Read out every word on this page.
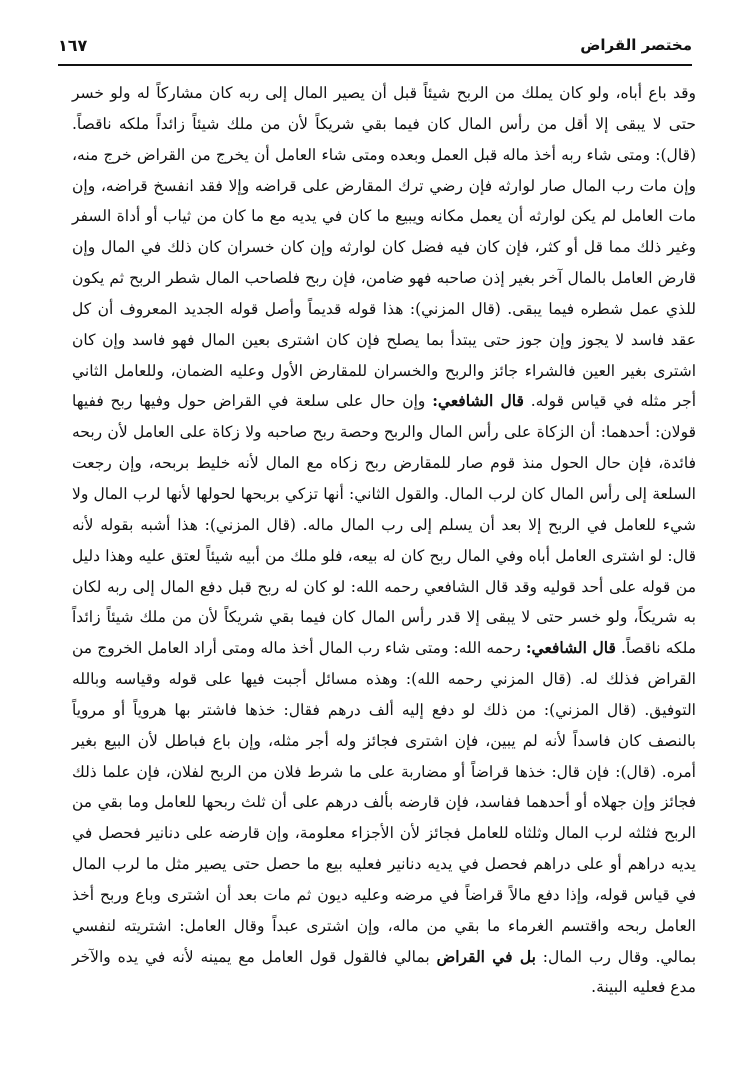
مختصر القراض
١٦٧

وقد باع أباه، ولو كان يملك من الربح شيئاً قبل أن يصير المال إلى ربه كان مشاركاً له ولو خسر حتى لا يبقى إلا أقل من رأس المال كان فيما بقي شريكاً لأن من ملك شيئاً زائداً ملكه ناقصاً. (قال): ومتى شاء ربه أخذ ماله قبل العمل وبعده ومتى شاء العامل أن يخرج من القراض خرج منه، وإن مات رب المال صار لوارثه فإن رضي ترك المقارض على قراضه وإلا فقد انفسخ قراضه، وإن مات العامل لم يكن لوارثه أن يعمل مكانه ويبيع ما كان في يديه مع ما كان من ثياب أو أداة السفر وغير ذلك مما قل أو كثر، فإن كان فيه فضل كان لوارثه وإن كان خسران كان ذلك في المال وإن قارض العامل بالمال آخر بغير إذن صاحبه فهو ضامن، فإن ربح فلصاحب المال شطر الربح ثم يكون للذي عمل شطره فيما يبقى. (قال المزني): هذا قوله قديماً وأصل قوله الجديد المعروف أن كل عقد فاسد لا يجوز وإن جوز حتى يبتدأ بما يصلح فإن كان اشترى بعين المال فهو فاسد وإن كان اشترى بغير العين فالشراء جائز والربح والخسران للمقارض الأول وعليه الضمان، وللعامل الثاني أجر مثله في قياس قوله. قال الشافعي: وإن حال على سلعة في القراض حول وفيها ربح ففيها قولان: أحدهما: أن الزكاة على رأس المال والربح وحصة ربح صاحبه ولا زكاة على العامل لأن ربحه فائدة، فإن حال الحول منذ قوم صار للمقارض ربح زكاه مع المال لأنه خليط بربحه، وإن رجعت السلعة إلى رأس المال كان لرب المال. والقول الثاني: أنها تزكي بربحها لحولها لأنها لرب المال ولا شيء للعامل في الربح إلا بعد أن يسلم إلى رب المال ماله. (قال المزني): هذا أشبه بقوله لأنه قال: لو اشترى العامل أباه وفي المال ربح كان له بيعه، فلو ملك من أبيه شيئاً لعتق عليه وهذا دليل من قوله على أحد قوليه وقد قال الشافعي رحمه الله: لو كان له ربح قبل دفع المال إلى ربه لكان به شريكاً، ولو خسر حتى لا يبقى إلا قدر رأس المال كان فيما بقي شريكاً لأن من ملك شيئاً زائداً ملكه ناقصاً. قال الشافعي: رحمه الله: ومتى شاء رب المال أخذ ماله ومتى أراد العامل الخروج من القراض فذلك له. (قال المزني رحمه الله): وهذه مسائل أجبت فيها على قوله وقياسه وبالله التوفيق. (قال المزني): من ذلك لو دفع إليه ألف درهم فقال: خذها فاشتر بها هروياً أو مروياً بالنصف كان فاسداً لأنه لم يبين، فإن اشترى فجائز وله أجر مثله، وإن باع فباطل لأن البيع بغير أمره. (قال): فإن قال: خذها قراضاً أو مضاربة على ما شرط فلان من الربح لفلان، فإن علما ذلك فجائز وإن جهلاه أو أحدهما ففاسد، فإن قارضه بألف درهم على أن ثلث ربحها للعامل وما بقي من الربح فثلثه لرب المال وثلثاه للعامل فجائز لأن الأجزاء معلومة، وإن قارضه على دنانير فحصل في يديه دراهم أو على دراهم فحصل في يديه دنانير فعليه بيع ما حصل حتى يصير مثل ما لرب المال في قياس قوله، وإذا دفع مالاً قراضاً في مرضه وعليه ديون ثم مات بعد أن اشترى وباع وربح أخذ العامل ربحه واقتسم الغرماء ما بقي من ماله، وإن اشترى عبداً وقال العامل: اشتريته لنفسي بمالي. وقال رب المال: بل في القراض بمالي فالقول قول العامل مع يمينه لأنه في يده والآخر مدع فعليه البينة.
